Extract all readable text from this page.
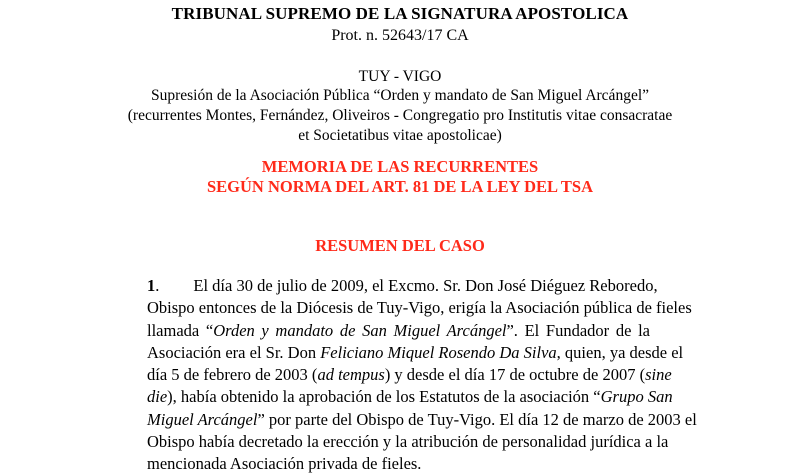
TRIBUNAL SUPREMO DE LA SIGNATURA APOSTOLICA
Prot. n. 52643/17 CA
TUY - VIGO
Supresión de la Asociación Pública “Orden y mandato de San Miguel Arcángel”
(recurrentes Montes, Fernández, Oliveiros - Congregatio pro Institutis vitae consacratae
et Societatibus vitae apostolicae)
MEMORIA DE LAS RECURRENTES
SEGÚN NORMA DEL ART. 81 DE LA LEY DEL TSA
RESUMEN DEL CASO
1. El día 30 de julio de 2009, el Excmo. Sr. Don José Diéguez Reboredo,
Obispo entonces de la Diócesis de Tuy-Vigo, erigía la Asociación pública de fieles
llamada “Orden y mandato de San Miguel Arcángel”. El Fundador de la
Asociación era el Sr. Don Feliciano Miquel Rosendo Da Silva, quien, ya desde el
día 5 de febrero de 2003 (ad tempus) y desde el día 17 de octubre de 2007 (sine
die), había obtenido la aprobación de los Estatutos de la asociación “Grupo San
Miguel Arcángel” por parte del Obispo de Tuy-Vigo. El día 12 de marzo de 2003 el
Obispo había decretado la erección y la atribución de personalidad jurídica a la
mencionada Asociación privada de fieles.
